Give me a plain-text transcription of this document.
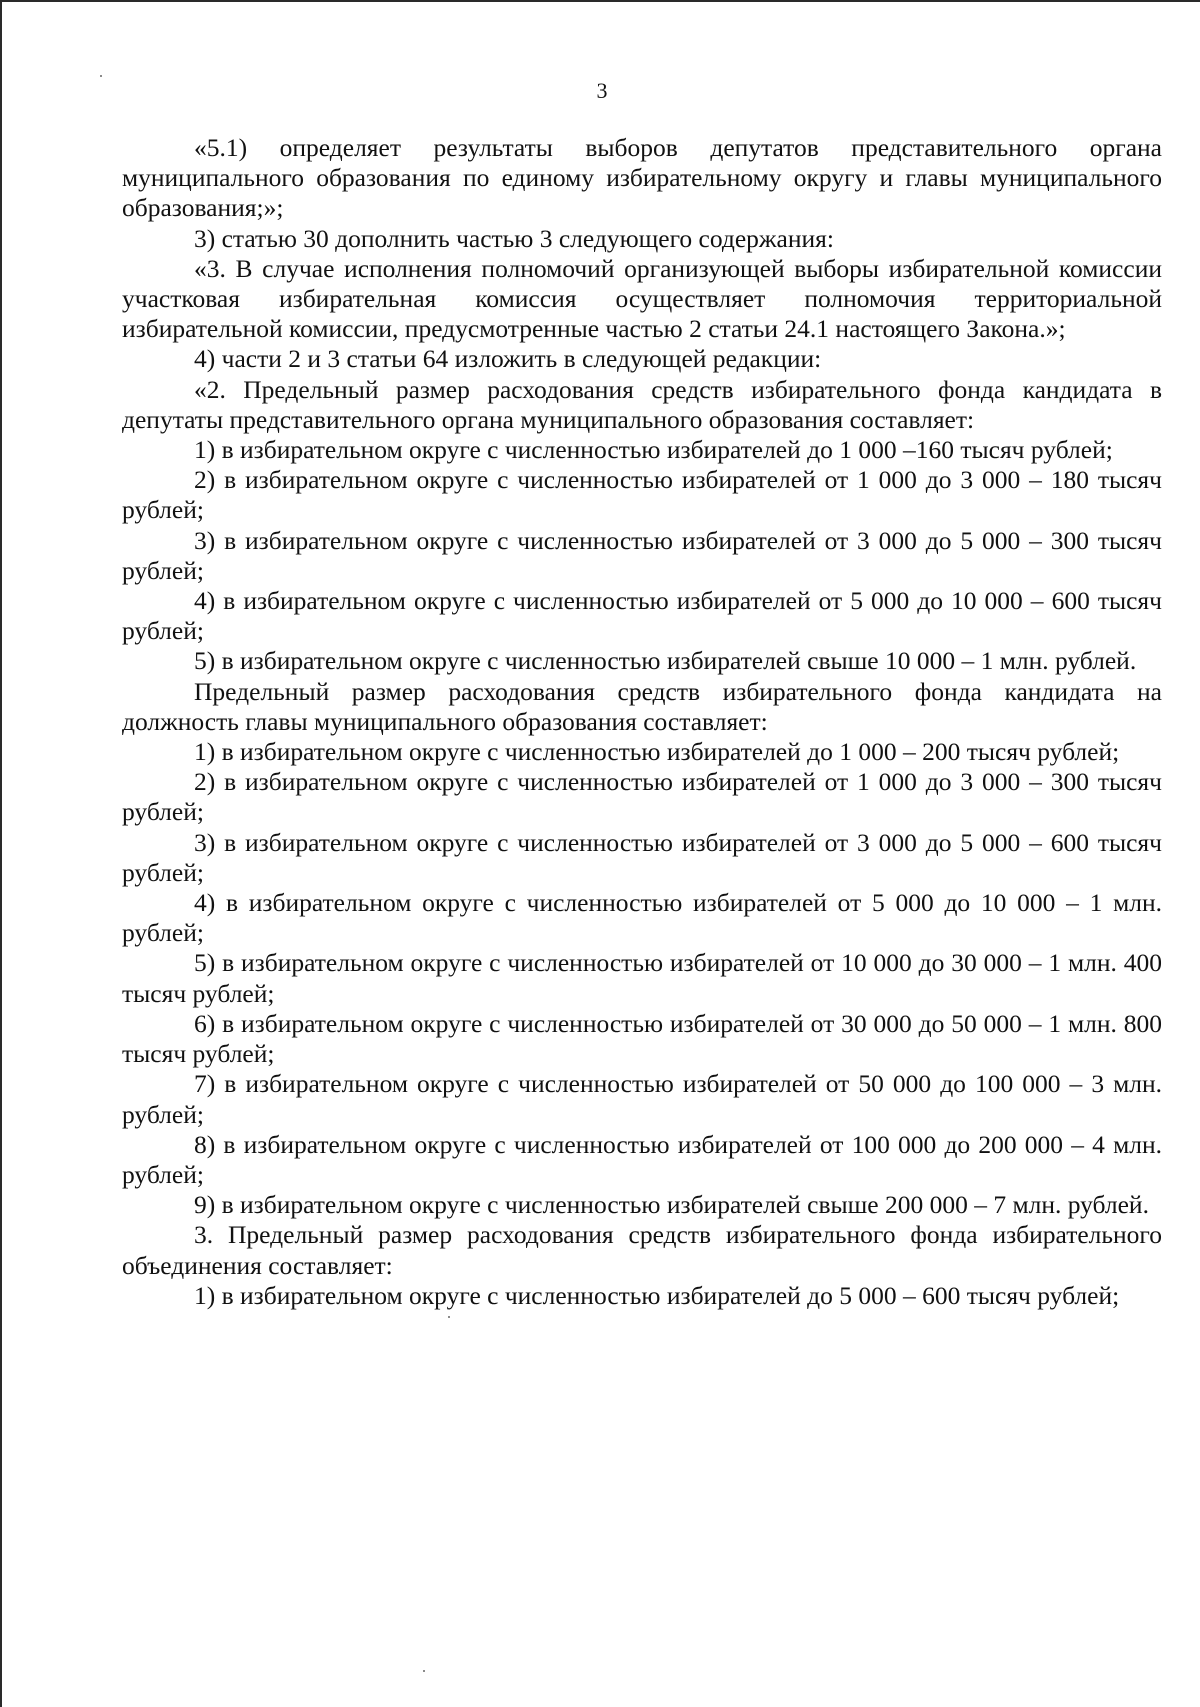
3

«5.1) определяет результаты выборов депутатов представительного органа муниципального образования по единому избирательному округу и главы муниципального образования;»;

3) статью 30 дополнить частью 3 следующего содержания:

«3. В случае исполнения полномочий организующей выборы избирательной комиссии участковая избирательная комиссия осуществляет полномочия территориальной избирательной комиссии, предусмотренные частью 2 статьи 24.1 настоящего Закона.»;

4) части 2 и 3 статьи 64 изложить в следующей редакции:

«2. Предельный размер расходования средств избирательного фонда кандидата в депутаты представительного органа муниципального образования составляет:

1) в избирательном округе с численностью избирателей до 1 000 –160 тысяч рублей;

2) в избирательном округе с численностью избирателей от 1 000 до 3 000 – 180 тысяч рублей;

3) в избирательном округе с численностью избирателей от 3 000 до 5 000 – 300 тысяч рублей;

4) в избирательном округе с численностью избирателей от 5 000 до 10 000 – 600 тысяч рублей;

5) в избирательном округе с численностью избирателей свыше 10 000 – 1 млн. рублей.

Предельный размер расходования средств избирательного фонда кандидата на должность главы муниципального образования составляет:

1) в избирательном округе с численностью избирателей до 1 000 – 200 тысяч рублей;

2) в избирательном округе с численностью избирателей от 1 000 до 3 000 – 300 тысяч рублей;

3) в избирательном округе с численностью избирателей от 3 000 до 5 000 – 600 тысяч рублей;

4) в избирательном округе с численностью избирателей от 5 000 до 10 000 – 1 млн. рублей;

5) в избирательном округе с численностью избирателей от 10 000 до 30 000 – 1 млн. 400 тысяч рублей;

6) в избирательном округе с численностью избирателей от 30 000 до 50 000 – 1 млн. 800 тысяч рублей;

7) в избирательном округе с численностью избирателей от 50 000 до 100 000 – 3 млн. рублей;

8) в избирательном округе с численностью избирателей от 100 000 до 200 000 – 4 млн. рублей;

9) в избирательном округе с численностью избирателей свыше 200 000 – 7 млн. рублей.

3. Предельный размер расходования средств избирательного фонда избирательного объединения составляет:

1) в избирательном округе с численностью избирателей до 5 000 – 600 тысяч рублей;
